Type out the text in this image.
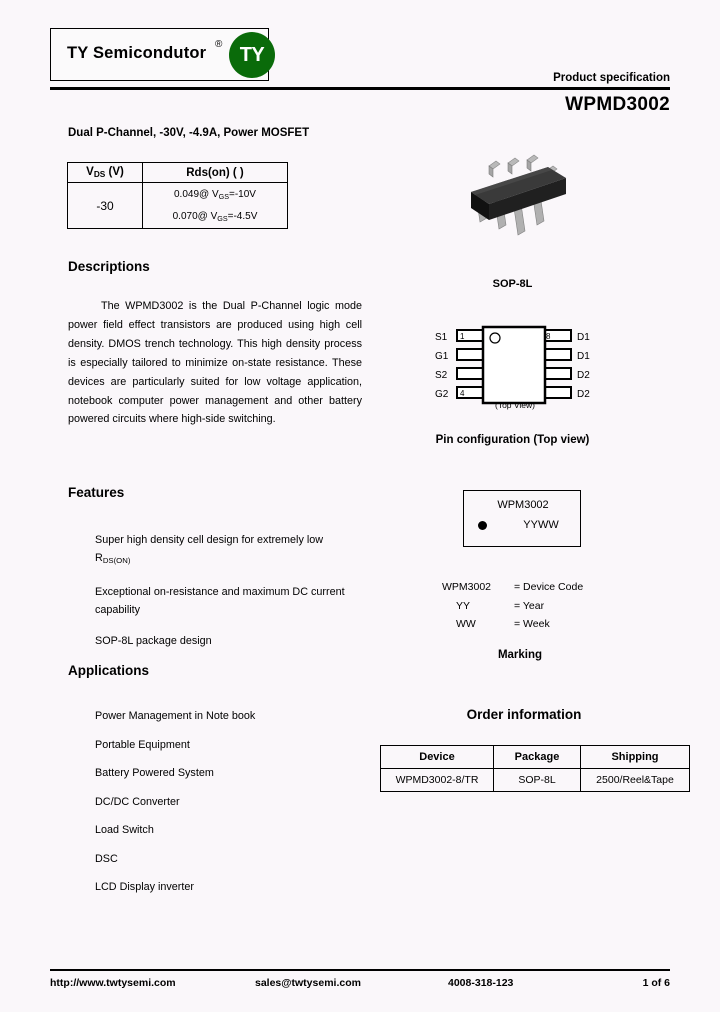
TY Semicondutor ® TY
Product specification
WPMD3002
Dual P-Channel, -30V, -4.9A, Power MOSFET
$V_{DS}$ (V)	Rds(on) ( )
-30	0.049@ $V_{GS}=-10V$
0.070@ $V_{GS}=-4.5V$
Descriptions
The WPMD3002 is the Dual P-Channel logic mode power field effect transistors are produced using high cell density. DMOS trench technology. This high density process is especially tailored to minimize on-state resistance. These devices are particularly suited for low voltage application, notebook computer power management and other battery powered circuits where high-side switching.
Features
Super high density cell design for extremely low $R_{DS(ON)}$
Exceptional on-resistance and maximum DC current capability
SOP-8L package design
Applications
Power Management in Note book
Portable Equipment
Battery Powered System
DC/DC Converter
Load Switch
DSC
LCD Display inverter
SOP-8L
S1
G1
S2
G2
1
4
8	D1
D1
D2
D2
(Top View)
Pin configuration (Top view)
WPM3002
YYWW
WPM3002 = Device Code
YY	= Year
WW	= Week
Marking
Order information
Device	Package	Shipping
WPMD3002-8/TR	SOP-8L	2500/Reel&Tape
http://www.twtysemi.com	sales@twtysemi.com	4008-318-123	1 of 6
